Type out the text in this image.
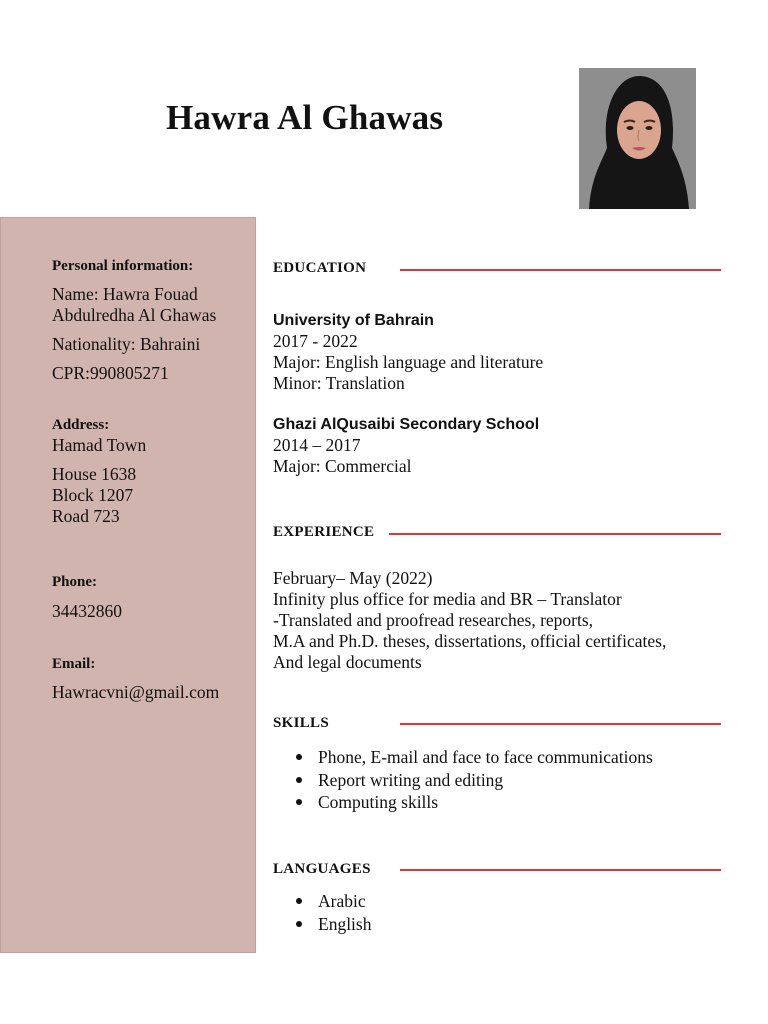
Hawra Al Ghawas
Personal information:
Name: Hawra Fouad
Abdulredha Al Ghawas
Nationality: Bahraini
CPR:990805271
Address:
Hamad Town
House 1638
Block 1207
Road 723
Phone:
34432860
Email:
Hawracvni@gmail.com
EDUCATION
University of Bahrain
2017 - 2022
Major: English language and literature
Minor: Translation
Ghazi AlQusaibi Secondary School
2014 – 2017
Major: Commercial
EXPERIENCE
February– May (2022)
Infinity plus office for media and BR – Translator
-Translated and proofread researches, reports,
M.A and Ph.D. theses, dissertations, official certificates,
And legal documents
SKILLS
Phone, E-mail and face to face communications
Report writing and editing
Computing skills
LANGUAGES
Arabic
English
